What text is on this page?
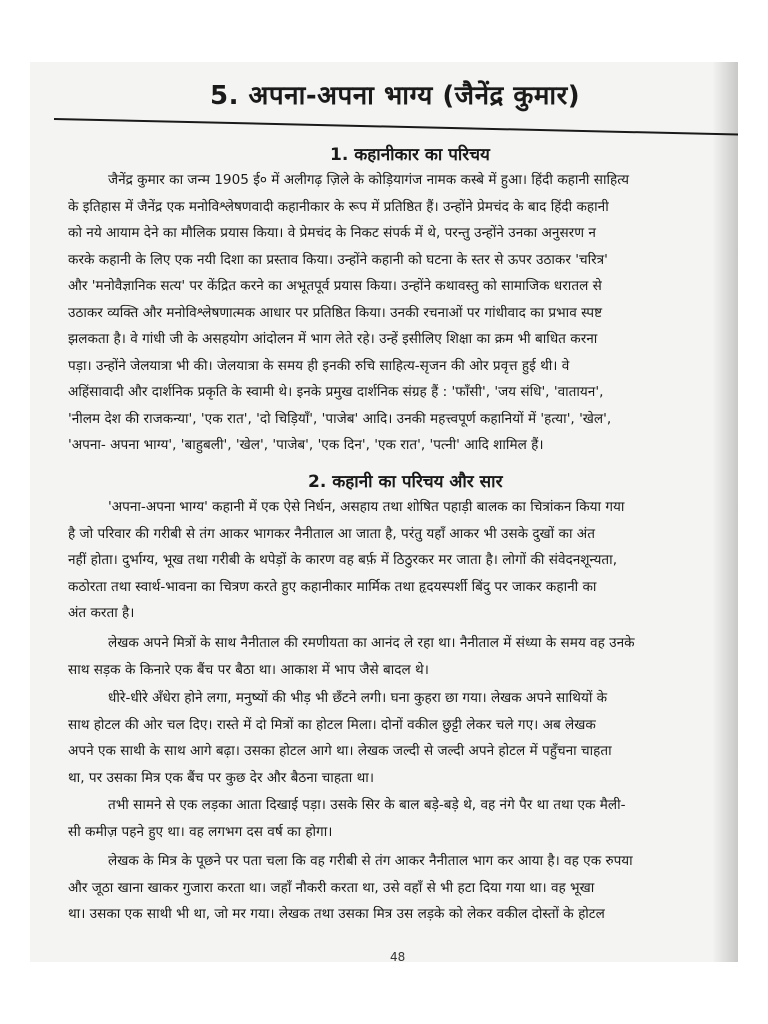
5. अपना-अपना भाग्य (जैनेंद्र कुमार)
1. कहानीकार का परिचय
जैनेंद्र कुमार का जन्म 1905 ई० में अलीगढ़ ज़िले के कोड़ियागंज नामक कस्बे में हुआ। हिंदी कहानी साहित्य
के इतिहास में जैनेंद्र एक मनोविश्लेषणवादी कहानीकार के रूप में प्रतिष्ठित हैं। उन्होंने प्रेमचंद के बाद हिंदी कहानी
को नये आयाम देने का मौलिक प्रयास किया। वे प्रेमचंद के निकट संपर्क में थे, परन्तु उन्होंने उनका अनुसरण न
करके कहानी के लिए एक नयी दिशा का प्रस्ताव किया। उन्होंने कहानी को घटना के स्तर से ऊपर उठाकर 'चरित्र'
और 'मनोवैज्ञानिक सत्य' पर केंद्रित करने का अभूतपूर्व प्रयास किया। उन्होंने कथावस्तु को सामाजिक धरातल से
उठाकर व्यक्ति और मनोविश्लेषणात्मक आधार पर प्रतिष्ठित किया। उनकी रचनाओं पर गांधीवाद का प्रभाव स्पष्ट
झलकता है। वे गांधी जी के असहयोग आंदोलन में भाग लेते रहे। उन्हें इसीलिए शिक्षा का क्रम भी बाधित करना
पड़ा। उन्होंने जेलयात्रा भी की। जेलयात्रा के समय ही इनकी रुचि साहित्य-सृजन की ओर प्रवृत्त हुई थी। वे
अहिंसावादी और दार्शनिक प्रकृति के स्वामी थे। इनके प्रमुख दार्शनिक संग्रह हैं : 'फाँसी', 'जय संधि', 'वातायन',
'नीलम देश की राजकन्या', 'एक रात', 'दो चिड़ियाँ', 'पाजेब' आदि। उनकी महत्त्वपूर्ण कहानियों में 'हत्या', 'खेल',
'अपना- अपना भाग्य', 'बाहुबली', 'खेल', 'पाजेब', 'एक दिन', 'एक रात', 'पत्नी' आदि शामिल हैं।
2. कहानी का परिचय और सार
'अपना-अपना भाग्य' कहानी में एक ऐसे निर्धन, असहाय तथा शोषित पहाड़ी बालक का चित्रांकन किया गया
है जो परिवार की गरीबी से तंग आकर भागकर नैनीताल आ जाता है, परंतु यहाँ आकर भी उसके दुखों का अंत
नहीं होता। दुर्भाग्य, भूख तथा गरीबी के थपेड़ों के कारण वह बर्फ़ में ठिठुरकर मर जाता है। लोगों की संवेदनशून्यता,
कठोरता तथा स्वार्थ-भावना का चित्रण करते हुए कहानीकार मार्मिक तथा हृदयस्पर्शी बिंदु पर जाकर कहानी का
अंत करता है।
लेखक अपने मित्रों के साथ नैनीताल की रमणीयता का आनंद ले रहा था। नैनीताल में संध्या के समय वह उनके
साथ सड़क के किनारे एक बैंच पर बैठा था। आकाश में भाप जैसे बादल थे।
धीरे-धीरे अँधेरा होने लगा, मनुष्यों की भीड़ भी छँटने लगी। घना कुहरा छा गया। लेखक अपने साथियों के
साथ होटल की ओर चल दिए। रास्ते में दो मित्रों का होटल मिला। दोनों वकील छुट्टी लेकर चले गए। अब लेखक
अपने एक साथी के साथ आगे बढ़ा। उसका होटल आगे था। लेखक जल्दी से जल्दी अपने होटल में पहुँचना चाहता
था, पर उसका मित्र एक बैंच पर कुछ देर और बैठना चाहता था।
तभी सामने से एक लड़का आता दिखाई पड़ा। उसके सिर के बाल बड़े-बड़े थे, वह नंगे पैर था तथा एक मैली-
सी कमीज़ पहने हुए था। वह लगभग दस वर्ष का होगा।
लेखक के मित्र के पूछने पर पता चला कि वह गरीबी से तंग आकर नैनीताल भाग कर आया है। वह एक रुपया
और जूठा खाना खाकर गुजारा करता था। जहाँ नौकरी करता था, उसे वहाँ से भी हटा दिया गया था। वह भूखा
था। उसका एक साथी भी था, जो मर गया। लेखक तथा उसका मित्र उस लड़के को लेकर वकील दोस्तों के होटल
48
